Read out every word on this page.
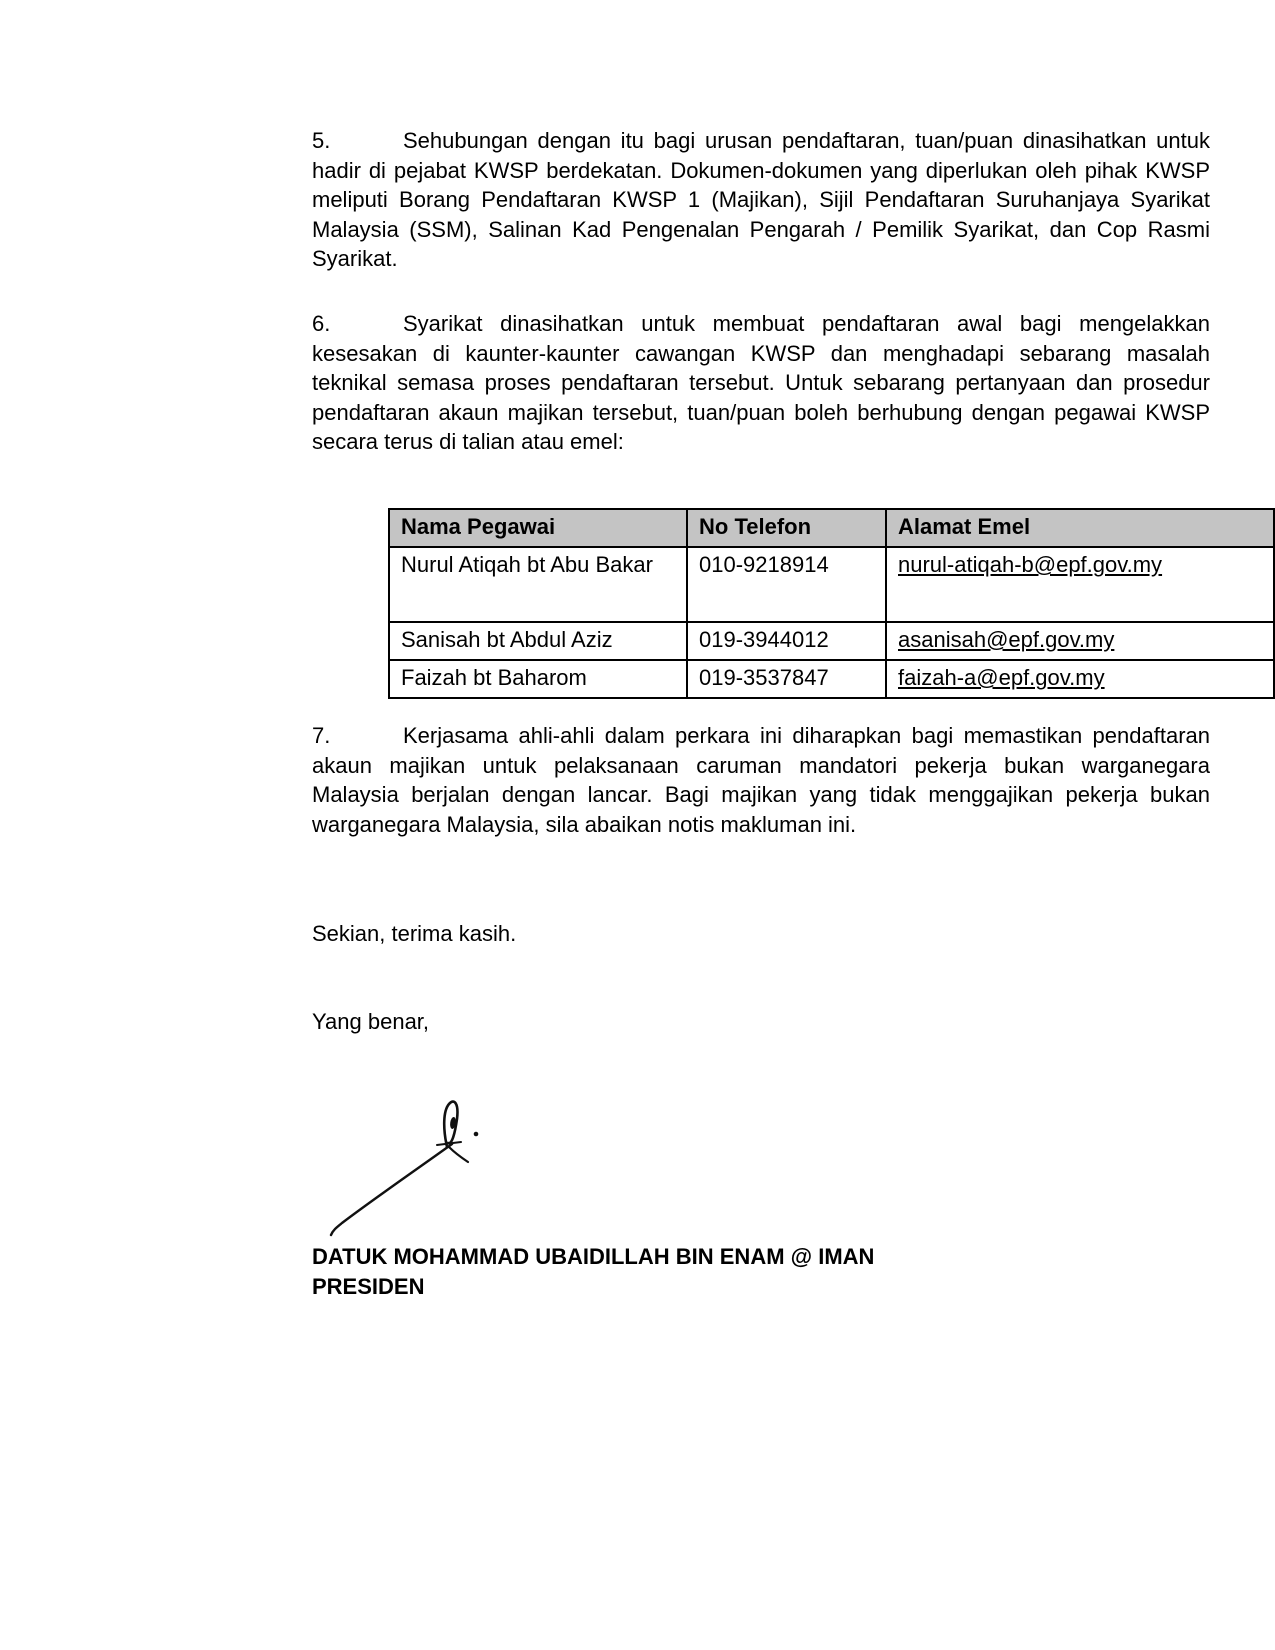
5.	Sehubungan dengan itu bagi urusan pendaftaran, tuan/puan dinasihatkan untuk hadir di pejabat KWSP berdekatan. Dokumen-dokumen yang diperlukan oleh pihak KWSP meliputi Borang Pendaftaran KWSP 1 (Majikan), Sijil Pendaftaran Suruhanjaya Syarikat Malaysia (SSM), Salinan Kad Pengenalan Pengarah / Pemilik Syarikat, dan Cop Rasmi Syarikat.
6.	Syarikat dinasihatkan untuk membuat pendaftaran awal bagi mengelakkan kesesakan di kaunter-kaunter cawangan KWSP dan menghadapi sebarang masalah teknikal semasa proses pendaftaran tersebut. Untuk sebarang pertanyaan dan prosedur pendaftaran akaun majikan tersebut, tuan/puan boleh berhubung dengan pegawai KWSP secara terus di talian atau emel:
Nama Pegawai	No Telefon	Alamat Emel
Nurul Atiqah bt Abu Bakar	010-9218914	nurul-atiqah-b@epf.gov.my
Sanisah bt Abdul Aziz	019-3944012	asanisah@epf.gov.my
Faizah bt Baharom	019-3537847	faizah-a@epf.gov.my
7.	Kerjasama ahli-ahli dalam perkara ini diharapkan bagi memastikan pendaftaran akaun majikan untuk pelaksanaan caruman mandatori pekerja bukan warganegara Malaysia berjalan dengan lancar. Bagi majikan yang tidak menggajikan pekerja bukan warganegara Malaysia, sila abaikan notis makluman ini.
Sekian, terima kasih.
Yang benar,
DATUK MOHAMMAD UBAIDILLAH BIN ENAM @ IMAN
PRESIDEN
